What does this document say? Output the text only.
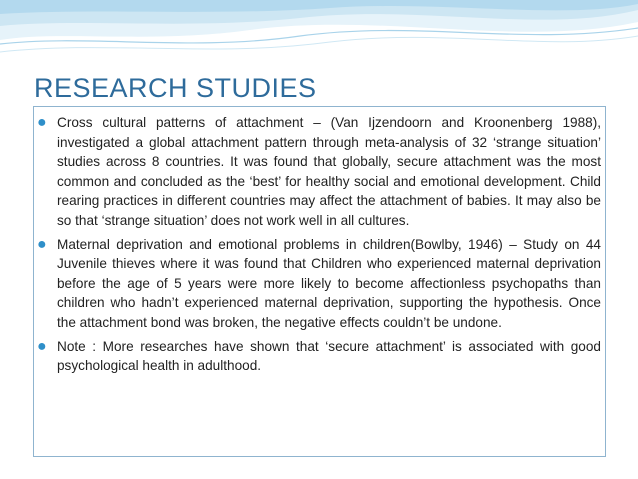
RESEARCH STUDIES
● Cross cultural patterns of attachment – (Van Ijzendoorn and Kroonenberg 1988), investigated a global attachment pattern through meta-analysis of 32 ‘strange situation’ studies across 8 countries. It was found that globally, secure attachment was the most common and concluded as the ‘best’ for healthy social and emotional development. Child rearing practices in different countries may affect the attachment of babies. It may also be so that ‘strange situation’ does not work well in all cultures.
● Maternal deprivation and emotional problems in children(Bowlby, 1946) – Study on 44 Juvenile thieves where it was found that Children who experienced maternal deprivation before the age of 5 years were more likely to become affectionless psychopaths than children who hadn’t experienced maternal deprivation, supporting the hypothesis. Once the attachment bond was broken, the negative effects couldn’t be undone.
● Note : More researches have shown that ‘secure attachment’ is associated with good psychological health in adulthood.
